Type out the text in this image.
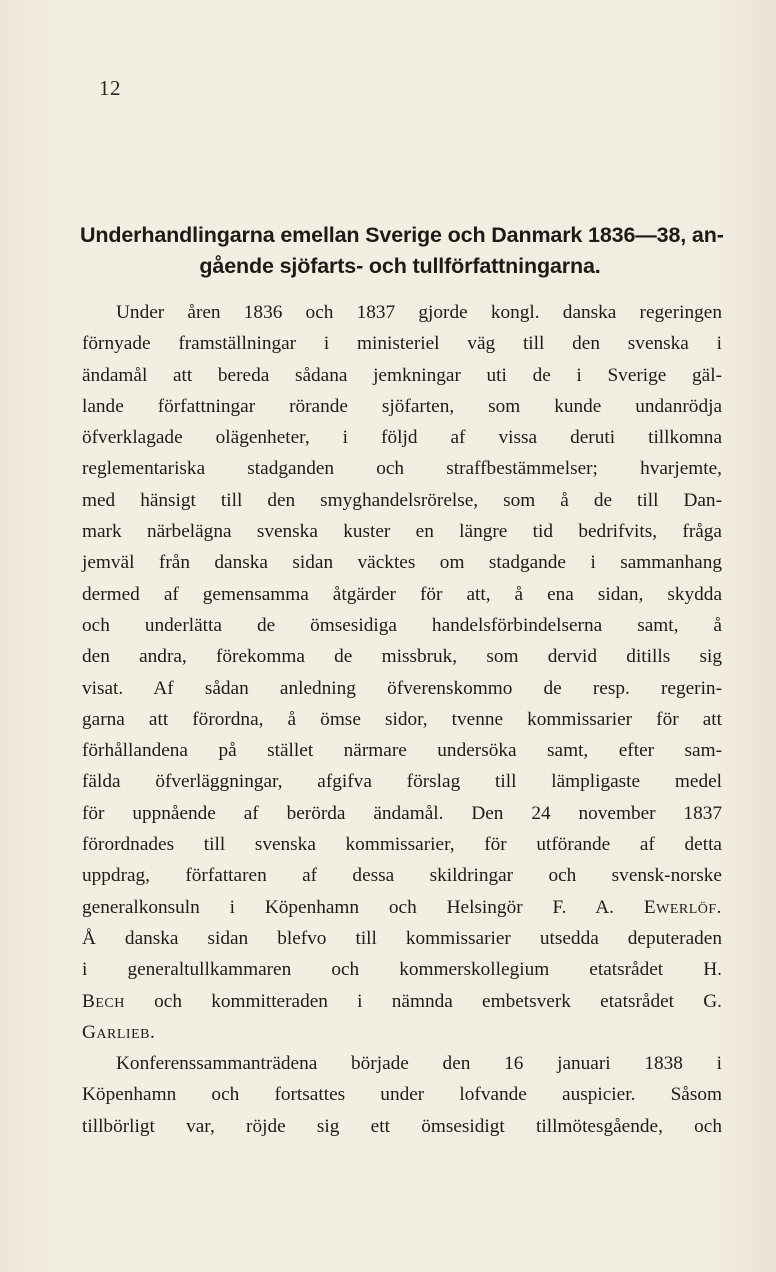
12
Underhandlingarna emellan Sverige och Danmark 1836—38, an-
gående sjöfarts- och tullförfattningarna.
Under åren 1836 och 1837 gjorde kongl. danska regeringen
förnyade framställningar i ministeriel väg till den svenska i
ändamål att bereda sådana jemkningar uti de i Sverige gäl-
lande författningar rörande sjöfarten, som kunde undanrödja
öfverklagade olägenheter, i följd af vissa deruti tillkomna
reglementariska stadganden och straffbestämmelser; hvarjemte,
med hänsigt till den smyghandelsrörelse, som å de till Dan-
mark närbelägna svenska kuster en längre tid bedrifvits, fråga
jemväl från danska sidan väcktes om stadgande i sammanhang
dermed af gemensamma åtgärder för att, å ena sidan, skydda
och underlätta de ömsesidiga handelsförbindelserna samt, å
den andra, förekomma de missbruk, som dervid ditills sig
visat. Af sådan anledning öfverenskommo de resp. regerin-
garna att förordna, å ömse sidor, tvenne kommissarier för att
förhållandena på stället närmare undersöka samt, efter sam-
fälda öfverläggningar, afgifva förslag till lämpligaste medel
för uppnående af berörda ändamål. Den 24 november 1837
förordnades till svenska kommissarier, för utförande af detta
uppdrag, författaren af dessa skildringar och svensk-norske
generalkonsuln i Köpenhamn och Helsingör F. A. Ewerlöf.
Å danska sidan blefvo till kommissarier utsedda deputeraden
i generaltullkammaren och kommerskollegium etatsrådet H.
Bech och kommitteraden i nämnda embetsverk etatsrådet G.
Garlieb.
Konferenssammanträdena började den 16 januari 1838 i
Köpenhamn och fortsattes under lofvande auspicier. Såsom
tillbörligt var, röjde sig ett ömsesidigt tillmötesgående, och
